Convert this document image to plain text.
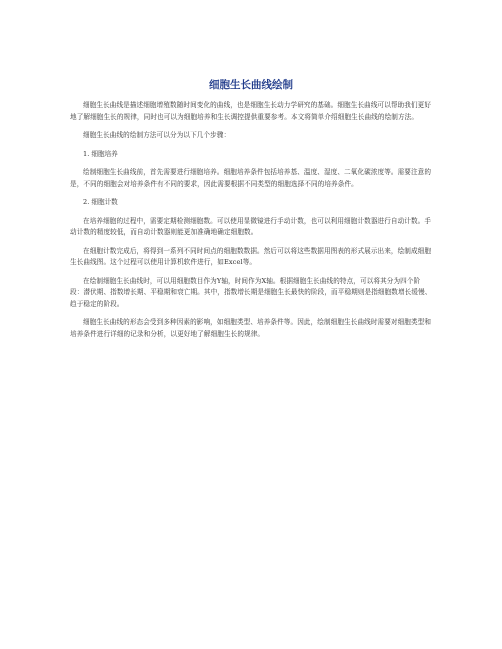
细胞生长曲线绘制

细胞生长曲线是描述细胞增殖数随时间变化的曲线，也是细胞生长动力学研究的基础。细胞生长曲线可以帮助我们更好地了解细胞生长的规律，同时也可以为细胞培养和生长调控提供重要参考。本文将简单介绍细胞生长曲线的绘制方法。

细胞生长曲线的绘制方法可以分为以下几个步骤：

1. 细胞培养

绘制细胞生长曲线前，首先需要进行细胞培养。细胞培养条件包括培养基、温度、湿度、二氧化碳浓度等。需要注意的是，不同的细胞会对培养条件有不同的要求，因此需要根据不同类型的细胞选择不同的培养条件。

2. 细胞计数

在培养细胞的过程中，需要定期检测细胞数。可以使用显微镜进行手动计数，也可以利用细胞计数器进行自动计数。手动计数的精度较低，而自动计数器则能更加准确地确定细胞数。

在细胞计数完成后，将得到一系列不同时间点的细胞数数据。然后可以将这些数据用图表的形式展示出来，绘制成细胞生长曲线图。这个过程可以使用计算机软件进行，如Excel等。

在绘制细胞生长曲线时，可以用细胞数目作为Y轴，时间作为X轴。根据细胞生长曲线的特点，可以将其分为四个阶段：潜伏期、指数增长期、平稳期和衰亡期。其中，指数增长期是细胞生长最快的阶段，而平稳期则是指细胞数增长缓慢、趋于稳定的阶段。

细胞生长曲线的形态会受到多种因素的影响，如细胞类型、培养条件等。因此，绘制细胞生长曲线时需要对细胞类型和培养条件进行详细的记录和分析，以更好地了解细胞生长的规律。
